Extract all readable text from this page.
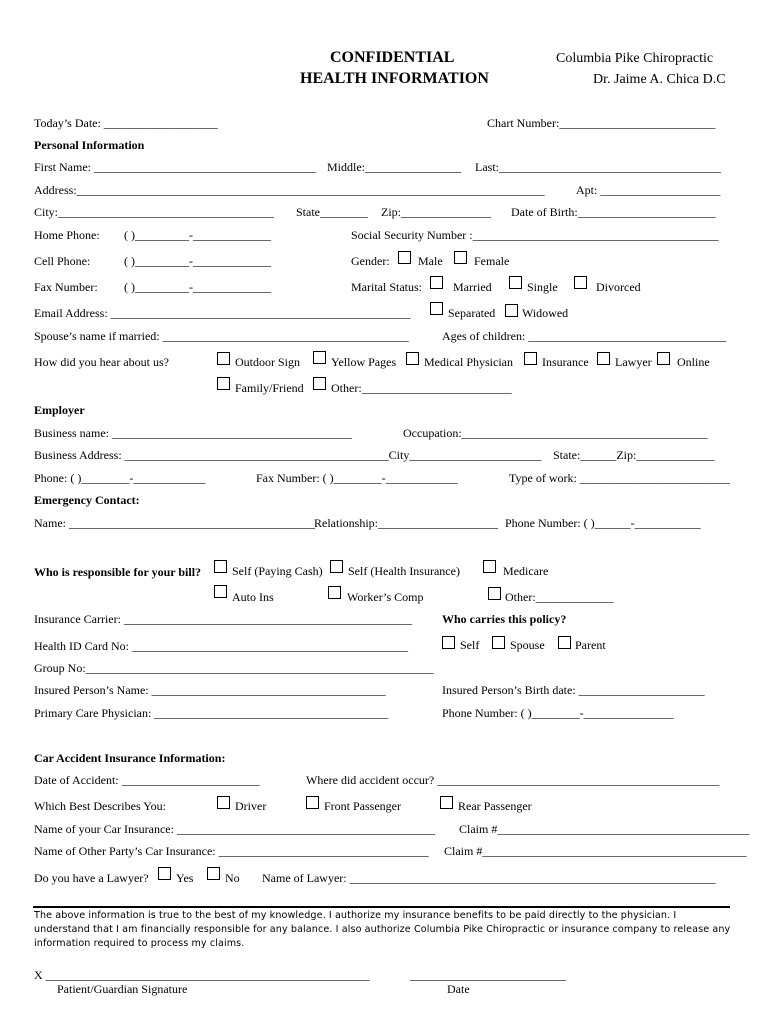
CONFIDENTIAL
HEALTH INFORMATION
Columbia Pike Chiropractic
Dr. Jaime A. Chica D.C
Today’s Date: ___________________	Chart Number:__________________________
Personal Information
First Name: _____________________________________ Middle:________________ Last:_____________________________________
Address:______________________________________________________________________________	Apt: ____________________
City:____________________________________ State________ Zip:_______________ Date of Birth:_______________________
Home Phone: ( )_________-_____________	Social Security Number :_________________________________________
Cell Phone:	( )_________-_____________	Gender: Male	Female
Fax Number: ( )_________-_____________	Marital Status:	Married	Single	Divorced
Email Address: __________________________________________________	Separated Widowed
Spouse’s name if married: _________________________________________	Ages of children: _________________________________
How did you hear about us?	Outdoor Sign	Yellow Pages Medical Physician Insurance Lawyer Online
Family/Friend Other:_________________________
Employer
Business name: ________________________________________	Occupation:_________________________________________
Business Address: ____________________________________________City______________________ State:______Zip:_____________
Phone: ( )________-____________	Fax Number: ( )________-____________	Type of work: _________________________
Emergency Contact:
Name: _________________________________________ Relationship:____________________ Phone Number: ( )______-___________
Who is responsible for your bill?	Self (Paying Cash) Self (Health Insurance)	Medicare
Auto Ins	Worker’s Comp	Other:_____________
Insurance Carrier: ________________________________________________	Who carries this policy?
Health ID Card No: ______________________________________________	Self	Spouse	Parent
Group No:__________________________________________________________
Insured Person’s Name: _______________________________________	Insured Person’s Birth date: _____________________
Primary Care Physician: _______________________________________	Phone Number: ( )________-_______________
Car Accident Insurance Information:
Date of Accident: _______________________	Where did accident occur? _______________________________________________
Which Best Describes You:	Driver	Front Passenger	Rear Passenger
Name of your Car Insurance: ___________________________________________ Claim #__________________________________________
Name of Other Party’s Car Insurance: ___________________________________ Claim #____________________________________________
Do you have a Lawyer? Yes	No Name of Lawyer: _____________________________________________________________
The above information is true to the best of my knowledge. I authorize my insurance benefits to be paid directly to the physician. I understand that I am financially responsible for any balance. I also authorize Columbia Pike Chiropractic or insurance company to release any information required to process my claims.
X ______________________________________________________	__________________________
Patient/Guardian Signature	Date
